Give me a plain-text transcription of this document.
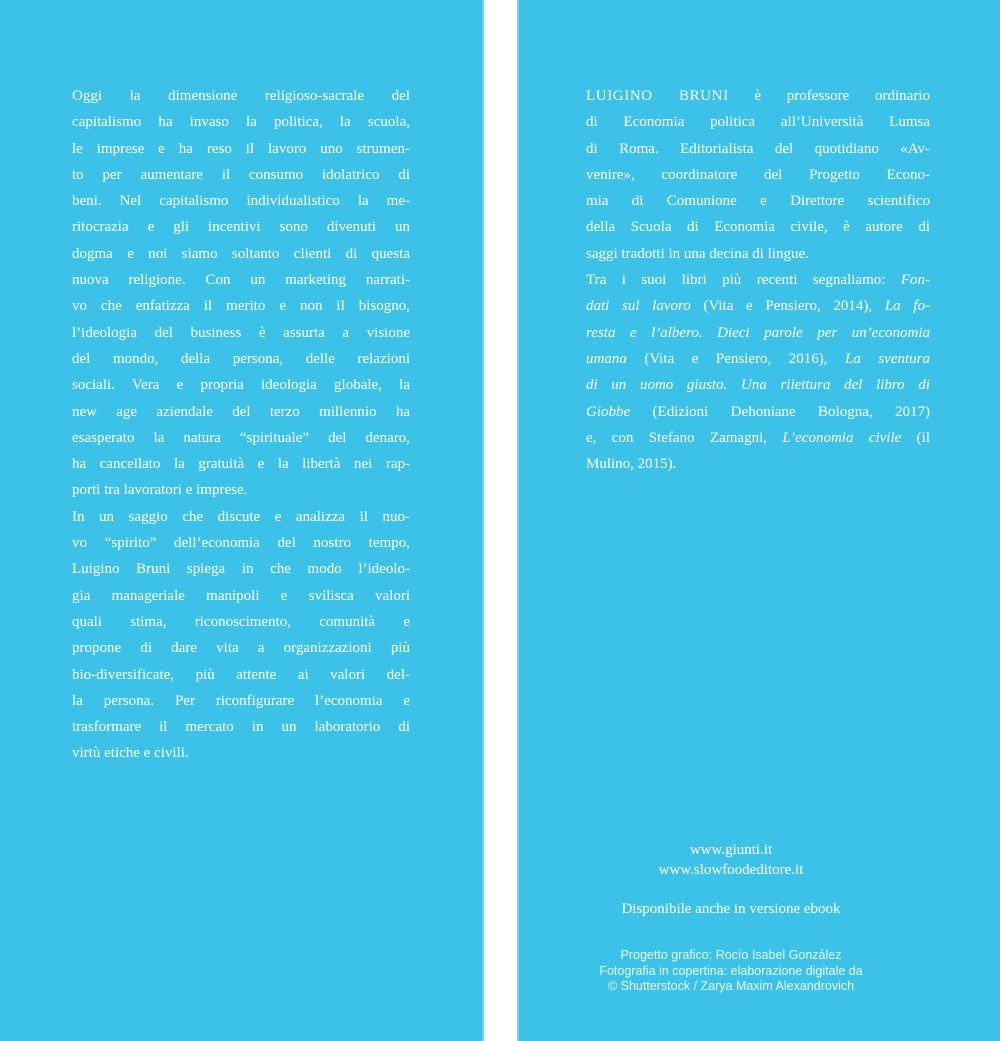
Oggi la dimensione religioso-sacrale del
capitalismo ha invaso la politica, la scuola,
le imprese e ha reso il lavoro uno strumen-
to per aumentare il consumo idolatrico di
beni. Nel capitalismo individualistico la me-
ritocrazia e gli incentivi sono divenuti un
dogma e noi siamo soltanto clienti di questa
nuova religione. Con un marketing narrati-
vo che enfatizza il merito e non il bisogno,
l’ideologia del business è assurta a visione
del mondo, della persona, delle relazioni
sociali. Vera e propria ideologia globale, la
new age aziendale del terzo millennio ha
esasperato la natura “spirituale” del denaro,
ha cancellato la gratuità e la libertà nei rap-
porti tra lavoratori e imprese.
In un saggio che discute e analizza il nuo-
vo “spirito” dell’economia del nostro tempo,
Luigino Bruni spiega in che modo l’ideolo-
gia manageriale manipoli e svilisca valori
quali stima, riconoscimento, comunità e
propone di dare vita a organizzazioni più
bio-diversificate, più attente ai valori del-
la persona. Per riconfigurare l’economia e
trasformare il mercato in un laboratorio di
virtù etiche e civili.
LUIGINO BRUNI è professore ordinario
di Economia politica all’Università Lumsa
di Roma. Editorialista del quotidiano «Av-
venire», coordinatore del Progetto Econo-
mia di Comunione e Direttore scientifico
della Scuola di Economia civile, è autore di
saggi tradotti in una decina di lingue.
Tra i suoi libri più recenti segnaliamo: Fon-
dati sul lavoro (Vita e Pensiero, 2014), La fo-
resta e l’albero. Dieci parole per un’economia
umana (Vita e Pensiero, 2016), La sventura
di un uomo giusto. Una rilettura del libro di
Giobbe (Edizioni Dehoniane Bologna, 2017)
e, con Stefano Zamagni, L’economia civile (il
Mulino, 2015).
www.giunti.it
www.slowfoodeditore.it
Disponibile anche in versione ebook
Progetto grafico: Rocío Isabel González
Fotografia in copertina: elaborazione digitale da
© Shutterstock / Zarya Maxim Alexandrovich
